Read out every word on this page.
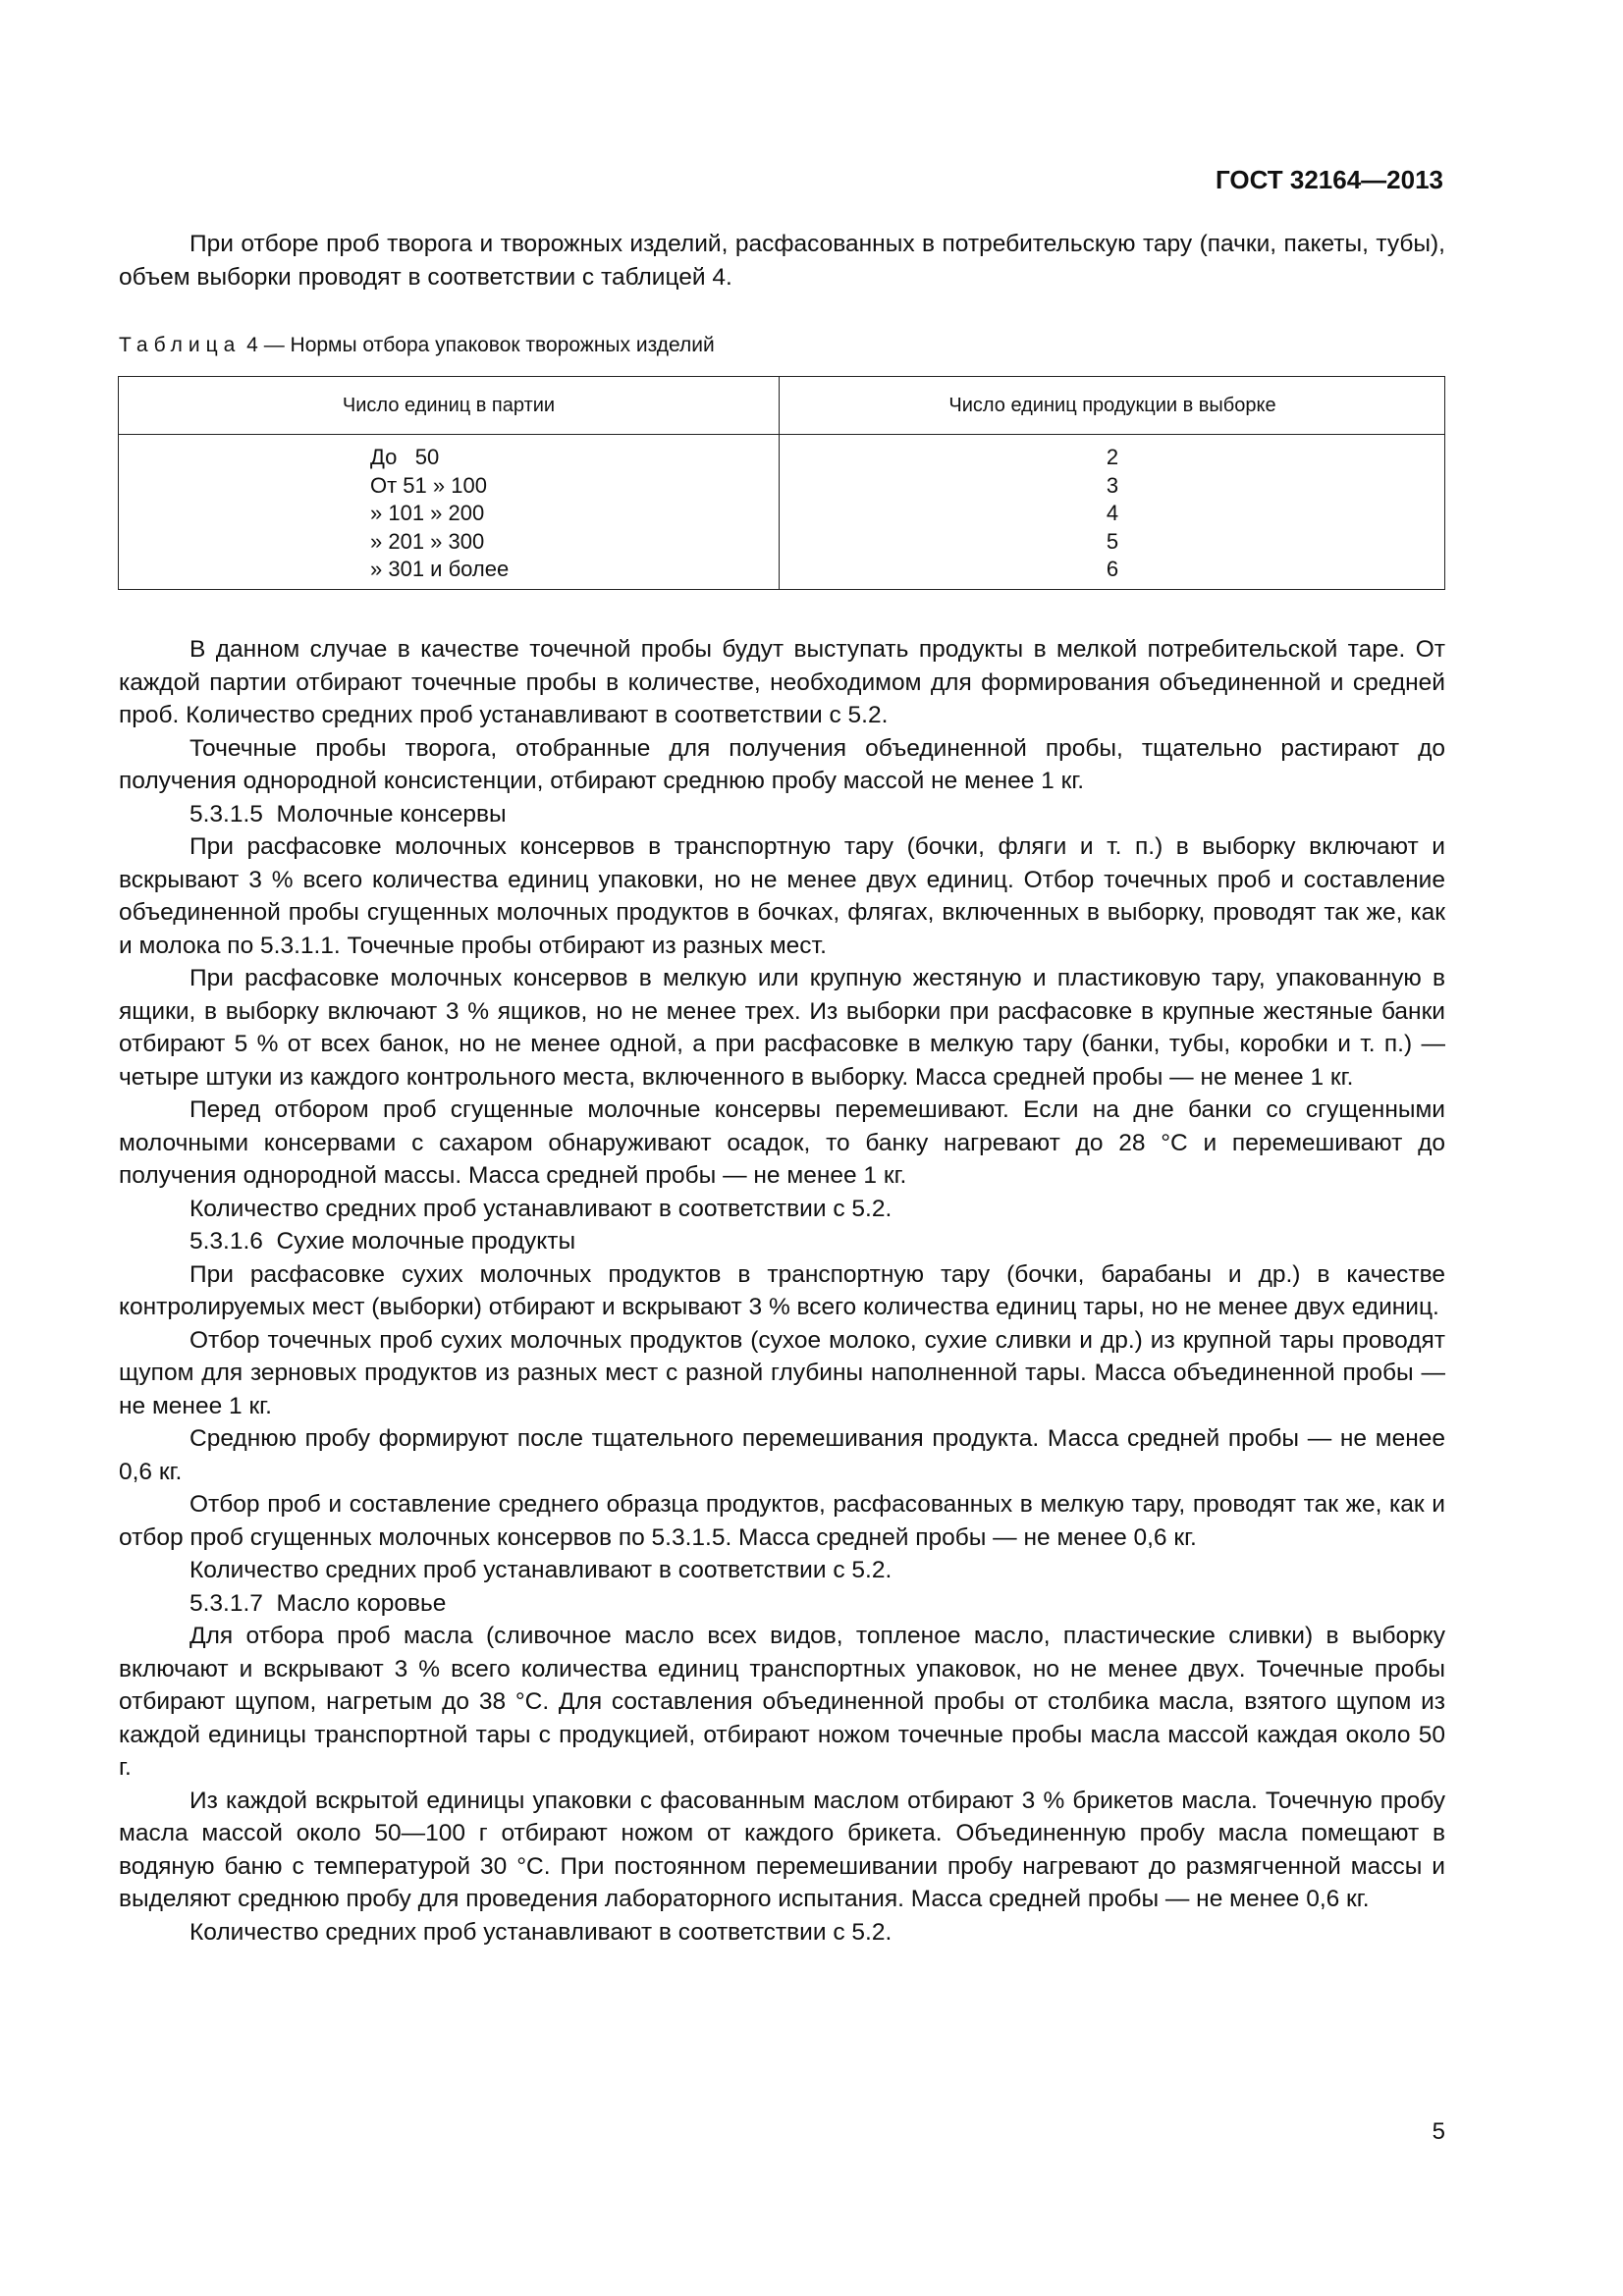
ГОСТ 32164—2013

При отборе проб творога и творожных изделий, расфасованных в потребительскую тару (пачки, пакеты, тубы), объем выборки проводят в соответствии с таблицей 4.

Таблица 4 — Нормы отбора упаковок творожных изделий
Число единиц в партии	Число единиц продукции в выборке
До   50
От 51 » 100
» 101 » 200
» 201 » 300
» 301 и более
2
3
4
5
6

В данном случае в качестве точечной пробы будут выступать продукты в мелкой потребительской таре. От каждой партии отбирают точечные пробы в количестве, необходимом для формирования объединенной и средней проб. Количество средних проб устанавливают в соответствии с 5.2.

Точечные пробы творога, отобранные для получения объединенной пробы, тщательно растирают до получения однородной консистенции, отбирают среднюю пробу массой не менее 1 кг.

5.3.1.5  Молочные консервы

При расфасовке молочных консервов в транспортную тару (бочки, фляги и т. п.) в выборку включают и вскрывают 3 % всего количества единиц упаковки, но не менее двух единиц. Отбор точечных проб и составление объединенной пробы сгущенных молочных продуктов в бочках, флягах, включенных в выборку, проводят так же, как и молока по 5.3.1.1. Точечные пробы отбирают из разных мест.

При расфасовке молочных консервов в мелкую или крупную жестяную и пластиковую тару, упакованную в ящики, в выборку включают 3 % ящиков, но не менее трех. Из выборки при расфасовке в крупные жестяные банки отбирают 5 % от всех банок, но не менее одной, а при расфасовке в мелкую тару (банки, тубы, коробки и т. п.) — четыре штуки из каждого контрольного места, включенного в выборку. Масса средней пробы — не менее 1 кг.

Перед отбором проб сгущенные молочные консервы перемешивают. Если на дне банки со сгущенными молочными консервами с сахаром обнаруживают осадок, то банку нагревают до 28 °С и перемешивают до получения однородной массы. Масса средней пробы — не менее 1 кг.

Количество средних проб устанавливают в соответствии с 5.2.

5.3.1.6  Сухие молочные продукты

При расфасовке сухих молочных продуктов в транспортную тару (бочки, барабаны и др.) в качестве контролируемых мест (выборки) отбирают и вскрывают 3 % всего количества единиц тары, но не менее двух единиц.

Отбор точечных проб сухих молочных продуктов (сухое молоко, сухие сливки и др.) из крупной тары проводят щупом для зерновых продуктов из разных мест с разной глубины наполненной тары. Масса объединенной пробы — не менее 1 кг.

Среднюю пробу формируют после тщательного перемешивания продукта. Масса средней пробы — не менее 0,6 кг.

Отбор проб и составление среднего образца продуктов, расфасованных в мелкую тару, проводят так же, как и отбор проб сгущенных молочных консервов по 5.3.1.5. Масса средней пробы — не менее 0,6 кг.

Количество средних проб устанавливают в соответствии с 5.2.

5.3.1.7  Масло коровье

Для отбора проб масла (сливочное масло всех видов, топленое масло, пластические сливки) в выборку включают и вскрывают 3 % всего количества единиц транспортных упаковок, но не менее двух. Точечные пробы отбирают щупом, нагретым до 38 °С. Для составления объединенной пробы от столбика масла, взятого щупом из каждой единицы транспортной тары с продукцией, отбирают ножом точечные пробы масла массой каждая около 50 г.

Из каждой вскрытой единицы упаковки с фасованным маслом отбирают 3 % брикетов масла. Точечную пробу масла массой около 50—100 г отбирают ножом от каждого брикета. Объединенную пробу масла помещают в водяную баню с температурой 30 °С. При постоянном перемешивании пробу нагревают до размягченной массы и выделяют среднюю пробу для проведения лабораторного испытания. Масса средней пробы — не менее 0,6 кг.

Количество средних проб устанавливают в соответствии с 5.2.

5
